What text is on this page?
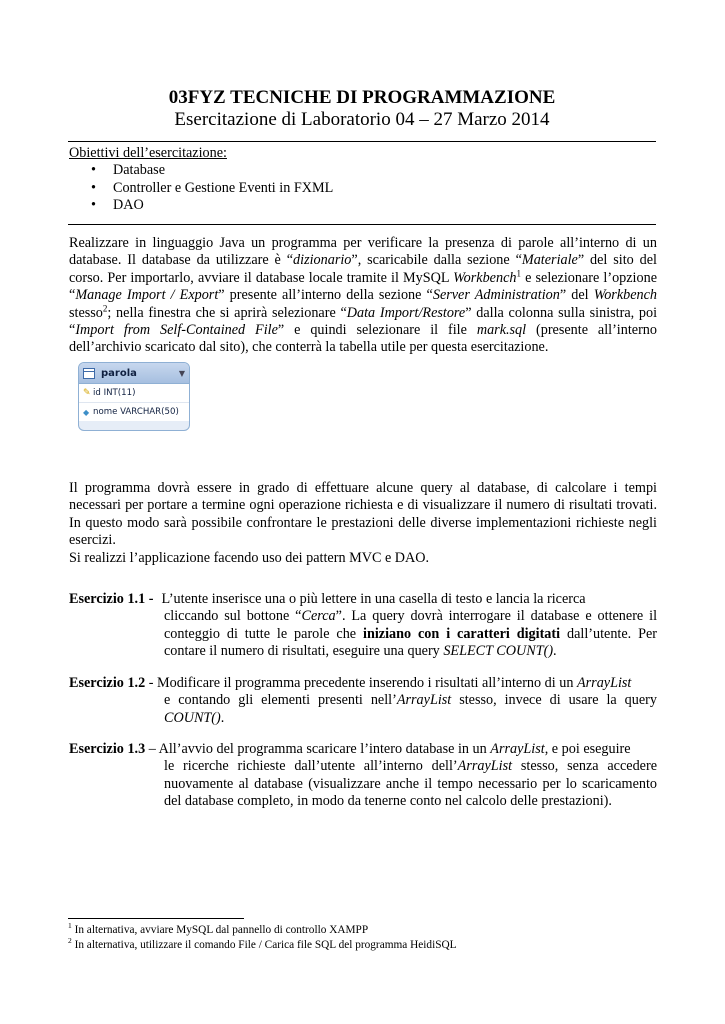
03FYZ TECNICHE DI PROGRAMMAZIONE
Esercitazione di Laboratorio 04 – 27 Marzo 2014
Obiettivi dell’esercitazione:
• Database
• Controller e Gestione Eventi in FXML
• DAO
Realizzare in linguaggio Java un programma per verificare la presenza di parole all’interno di un database. Il database da utilizzare è “dizionario”, scaricabile dalla sezione “Materiale” del sito del corso. Per importarlo, avviare il database locale tramite il MySQL Workbench$^1$ e selezionare l’opzione “Manage Import / Export” presente all’interno della sezione “Server Administration” del Workbench stesso$^2$; nella finestra che si aprirà selezionare “Data Import/Restore” dalla colonna sulla sinistra, poi “Import from Self-Contained File” e quindi selezionare il file mark.sql (presente all’interno dell’archivio scaricato dal sito), che conterrà la tabella utile per questa esercitazione.
parola	▼
✎ id INT(11)
◆ nome VARCHAR(50)
Il programma dovrà essere in grado di effettuare alcune query al database, di calcolare i tempi necessari per portare a termine ogni operazione richiesta e di visualizzare il numero di risultati trovati. In questo modo sarà possibile confrontare le prestazioni delle diverse implementazioni richieste negli esercizi.
Si realizzi l’applicazione facendo uso dei pattern MVC e DAO.
Esercizio 1.1 - L’utente inserisce una o più lettere in una casella di testo e lancia la ricerca
cliccando sul bottone “Cerca”. La query dovrà interrogare il database e ottenere il conteggio di tutte le parole che iniziano con i caratteri digitati dall’utente. Per contare il numero di risultati, eseguire una query SELECT COUNT().
Esercizio 1.2 - Modificare il programma precedente inserendo i risultati all’interno di un ArrayList
e contando gli elementi presenti nell’ArrayList stesso, invece di usare la query COUNT().
Esercizio 1.3 – All’avvio del programma scaricare l’intero database in un ArrayList, e poi eseguire
le ricerche richieste dall’utente all’interno dell’ArrayList stesso, senza accedere nuovamente al database (visualizzare anche il tempo necessario per lo scaricamento del database completo, in modo da tenerne conto nel calcolo delle prestazioni).
$^1$ In alternativa, avviare MySQL dal pannello di controllo XAMPP
$^2$ In alternativa, utilizzare il comando File / Carica file SQL del programma HeidiSQL
